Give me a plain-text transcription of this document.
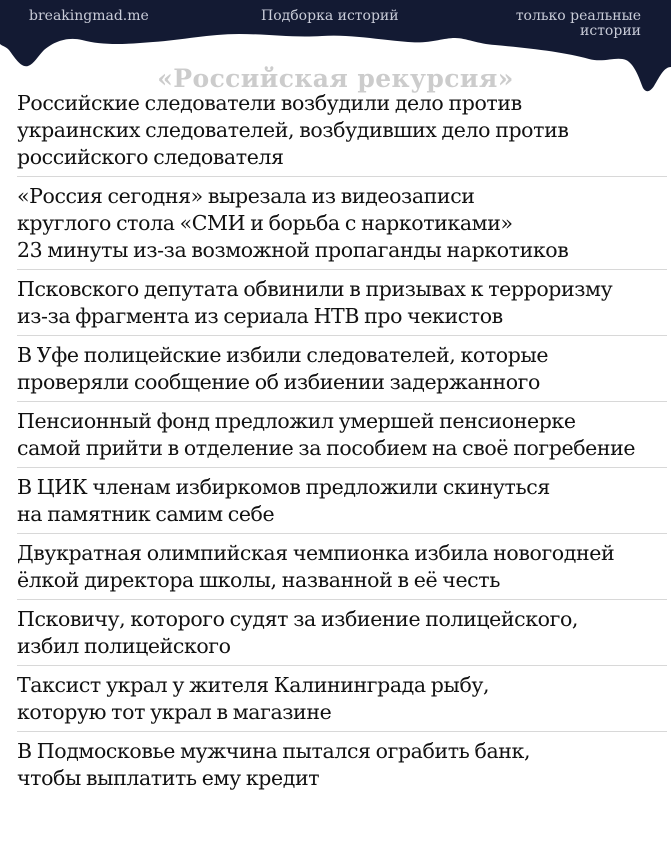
breakingmad.me	Подборка историй	только реальные истории
«Российская рекурсия»
Российские следователи возбудили дело против
украинских следователей, возбудивших дело против
российского следователя
«Россия сегодня» вырезала из видеозаписи
круглого стола «СМИ и борьба с наркотиками»
23 минуты из-за возможной пропаганды наркотиков
Псковского депутата обвинили в призывах к терроризму
из-за фрагмента из сериала НТВ про чекистов
В Уфе полицейские избили следователей, которые
проверяли сообщение об избиении задержанного
Пенсионный фонд предложил умершей пенсионерке
самой прийти в отделение за пособием на своё погребение
В ЦИК членам избиркомов предложили скинуться
на памятник самим себе
Двукратная олимпийская чемпионка избила новогодней
ёлкой директора школы, названной в её честь
Псковичу, которого судят за избиение полицейского,
избил полицейского
Таксист украл у жителя Калининграда рыбу,
которую тот украл в магазине
В Подмосковье мужчина пытался ограбить банк,
чтобы выплатить ему кредит
